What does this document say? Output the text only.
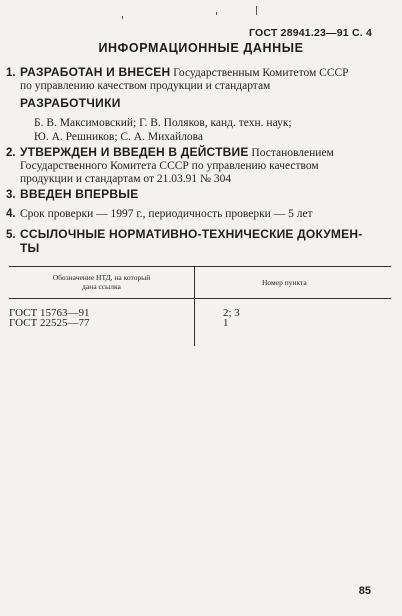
ГОСТ 28941.23—91 С. 4
ИНФОРМАЦИОННЫЕ ДАННЫЕ
1. РАЗРАБОТАН И ВНЕСЕН Государственным Комитетом СССР
по управлению качеством продукции и стандартам
РАЗРАБОТЧИКИ
Б. В. Максимовский; Г. В. Поляков, канд. техн. наук;
Ю. А. Решников; С. А. Михайлова
2. УТВЕРЖДЕН И ВВЕДЕН В ДЕЙСТВИЕ Постановлением
Государственного Комитета СССР по управлению качеством
продукции и стандартам от 21.03.91 № 304
3. ВВЕДЕН ВПЕРВЫЕ
4. Срок проверки — 1997 г., периодичность проверки — 5 лет
5. ССЫЛОЧНЫЕ НОРМАТИВНО-ТЕХНИЧЕСКИЕ ДОКУМЕН-
ТЫ
Обозначение НТД, на который
дана ссылка	Номер пункта
ГОСТ 15763—91	2; 3
ГОСТ 22525—77	1
85
